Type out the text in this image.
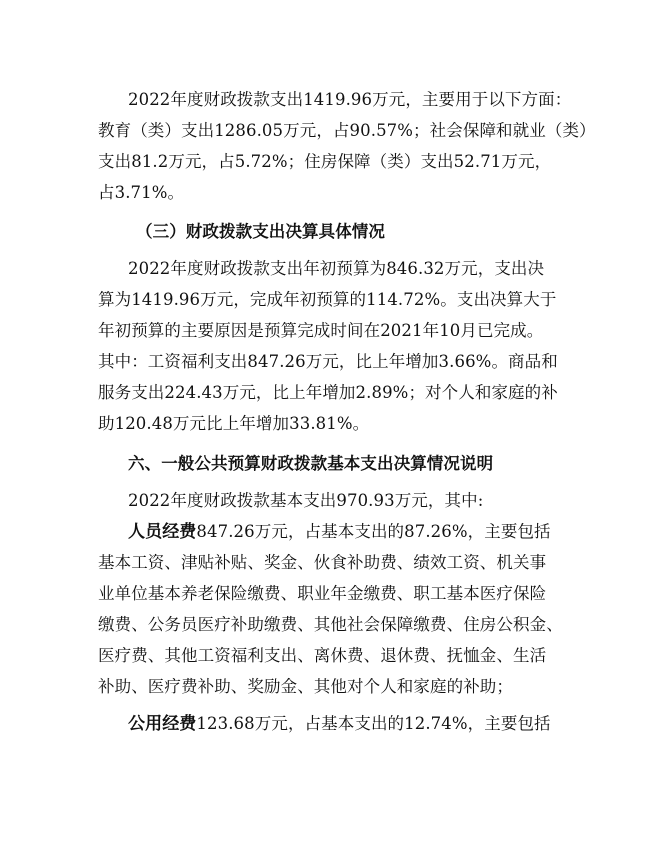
2022年度财政拨款支出1419.96万元，主要用于以下方面：
教育（类）支出1286.05万元，占90.57%；社会保障和就业（类）
支出81.2万元，占5.72%；住房保障（类）支出52.71万元，
占3.71%。
（三）财政拨款支出决算具体情况
2022年度财政拨款支出年初预算为846.32万元，支出决
算为1419.96万元，完成年初预算的114.72%。支出决算大于
年初预算的主要原因是预算完成时间在2021年10月已完成。
其中：工资福利支出847.26万元，比上年增加3.66%。商品和
服务支出224.43万元，比上年增加2.89%；对个人和家庭的补
助120.48万元比上年增加33.81%。
六、一般公共预算财政拨款基本支出决算情况说明
2022年度财政拨款基本支出970.93万元，其中:
人员经费847.26万元，占基本支出的87.26%，主要包括
基本工资、津贴补贴、奖金、伙食补助费、绩效工资、机关事
业单位基本养老保险缴费、职业年金缴费、职工基本医疗保险
缴费、公务员医疗补助缴费、其他社会保障缴费、住房公积金、
医疗费、其他工资福利支出、离休费、退休费、抚恤金、生活
补助、医疗费补助、奖励金、其他对个人和家庭的补助；
公用经费123.68万元，占基本支出的12.74%，主要包括
